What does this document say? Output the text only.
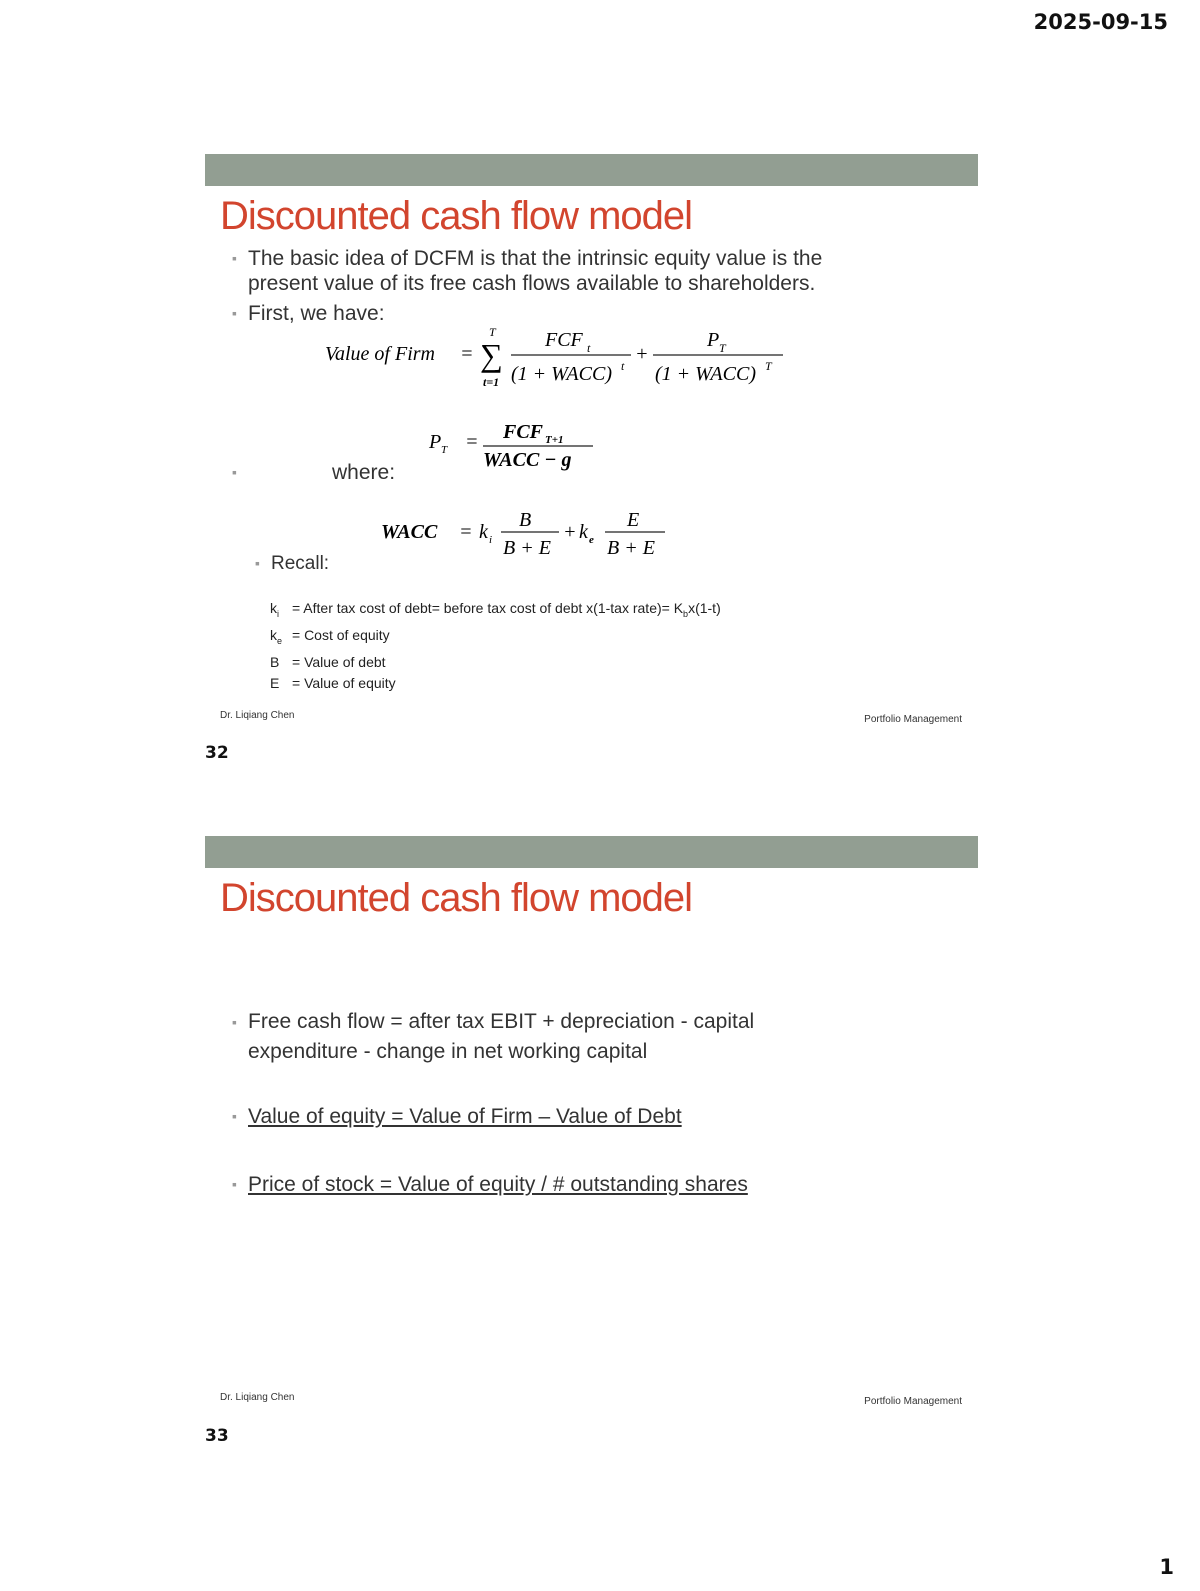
2025-09-15
Discounted cash flow model
▪ The basic idea of DCFM is that the intrinsic equity value is the
present value of its free cash flows available to shareholders.
▪ First, we have:
Value of Firm = ∑
T
t=1
FCF t
(1 + WACC) t
+
P T
(1 + WACC) T
P T = FCF T+1
WACC − g
▪	where:
WACC = k i
B
B + E
+ k e
E
B + E
▪ Recall:
$k_i$ = After tax cost of debt= before tax cost of debt x(1-tax rate)= $K_bx(1-t)$
$k_e$ = Cost of equity
B = Value of debt
E = Value of equity
Dr. Liqiang Chen	Portfolio Management
32
Discounted cash flow model
▪ Free cash flow = after tax EBIT + depreciation - capital
expenditure - change in net working capital
▪ Value of equity = Value of Firm – Value of Debt
▪ Price of stock = Value of equity / # outstanding shares
Dr. Liqiang Chen	Portfolio Management
33
1
